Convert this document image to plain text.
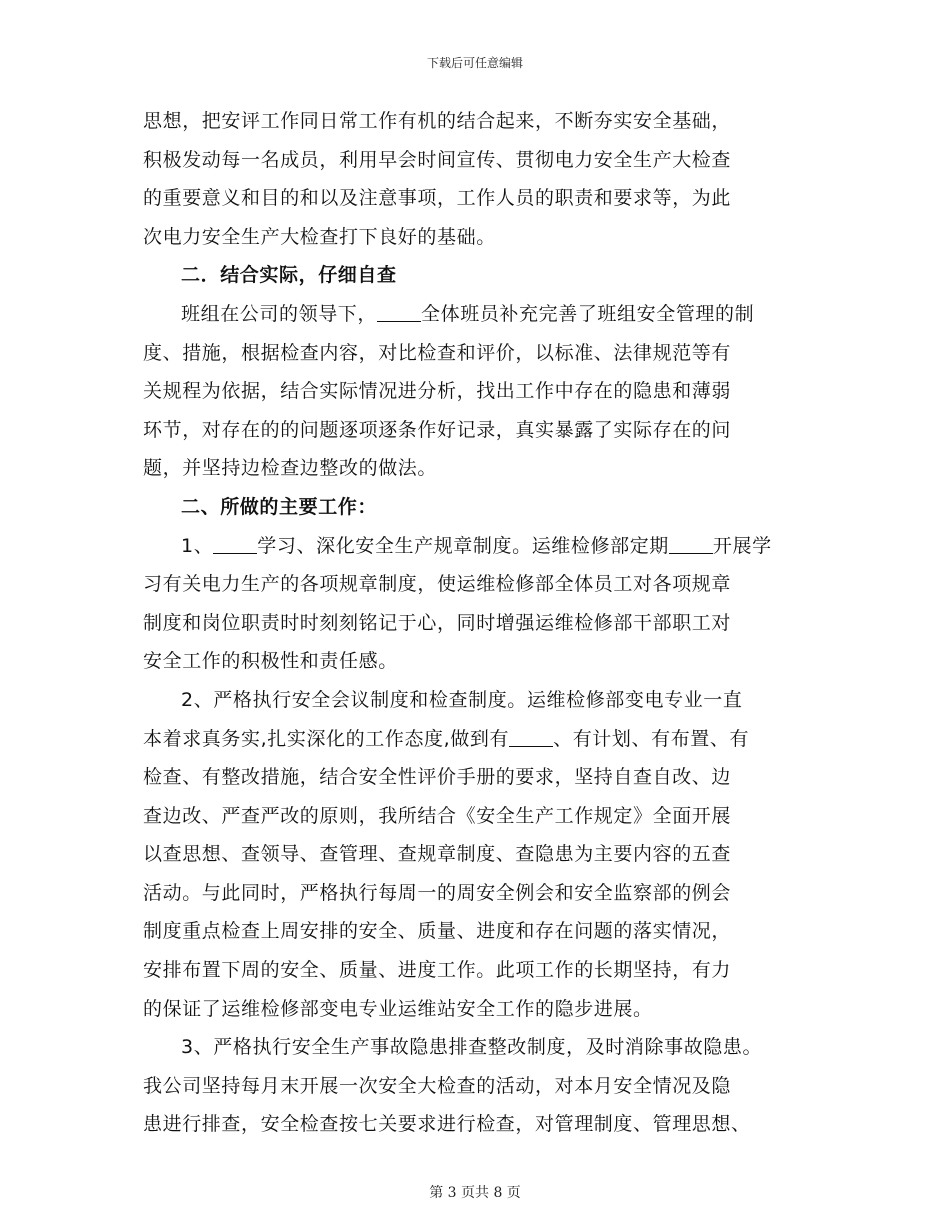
下载后可任意编辑
思想，把安评工作同日常工作有机的结合起来，不断夯实安全基础，
积极发动每一名成员，利用早会时间宣传、贯彻电力安全生产大检查
的重要意义和目的和以及注意事项，工作人员的职责和要求等，为此
次电力安全生产大检查打下良好的基础。
二．结合实际，仔细自查
班组在公司的领导下， 全体班员补充完善了班组安全管理的制
度、措施，根据检查内容，对比检查和评价，以标准、法律规范等有
关规程为依据，结合实际情况进分析，找出工作中存在的隐患和薄弱
环节，对存在的的问题逐项逐条作好记录，真实暴露了实际存在的问
题，并坚持边检查边整改的做法。
二、所做的主要工作：
1、 学习、深化安全生产规章制度。运维检修部定期 开展学
习有关电力生产的各项规章制度，使运维检修部全体员工对各项规章
制度和岗位职责时时刻刻铭记于心，同时增强运维检修部干部职工对
安全工作的积极性和责任感。
2、严格执行安全会议制度和检查制度。运维检修部变电专业一直
本着求真务实,扎实深化的工作态度,做到有 、有计划、有布置、有
检查、有整改措施，结合安全性评价手册的要求，坚持自查自改、边
查边改、严查严改的原则，我所结合《安全生产工作规定》全面开展
以查思想、查领导、查管理、查规章制度、查隐患为主要内容的五查
活动。与此同时，严格执行每周一的周安全例会和安全监察部的例会
制度重点检查上周安排的安全、质量、进度和存在问题的落实情况，
安排布置下周的安全、质量、进度工作。此项工作的长期坚持，有力
的保证了运维检修部变电专业运维站安全工作的隐步进展。
3、严格执行安全生产事故隐患排查整改制度，及时消除事故隐患。
我公司坚持每月末开展一次安全大检查的活动，对本月安全情况及隐
患进行排查，安全检查按七关要求进行检查，对管理制度、管理思想、
第 3 页共 8 页
